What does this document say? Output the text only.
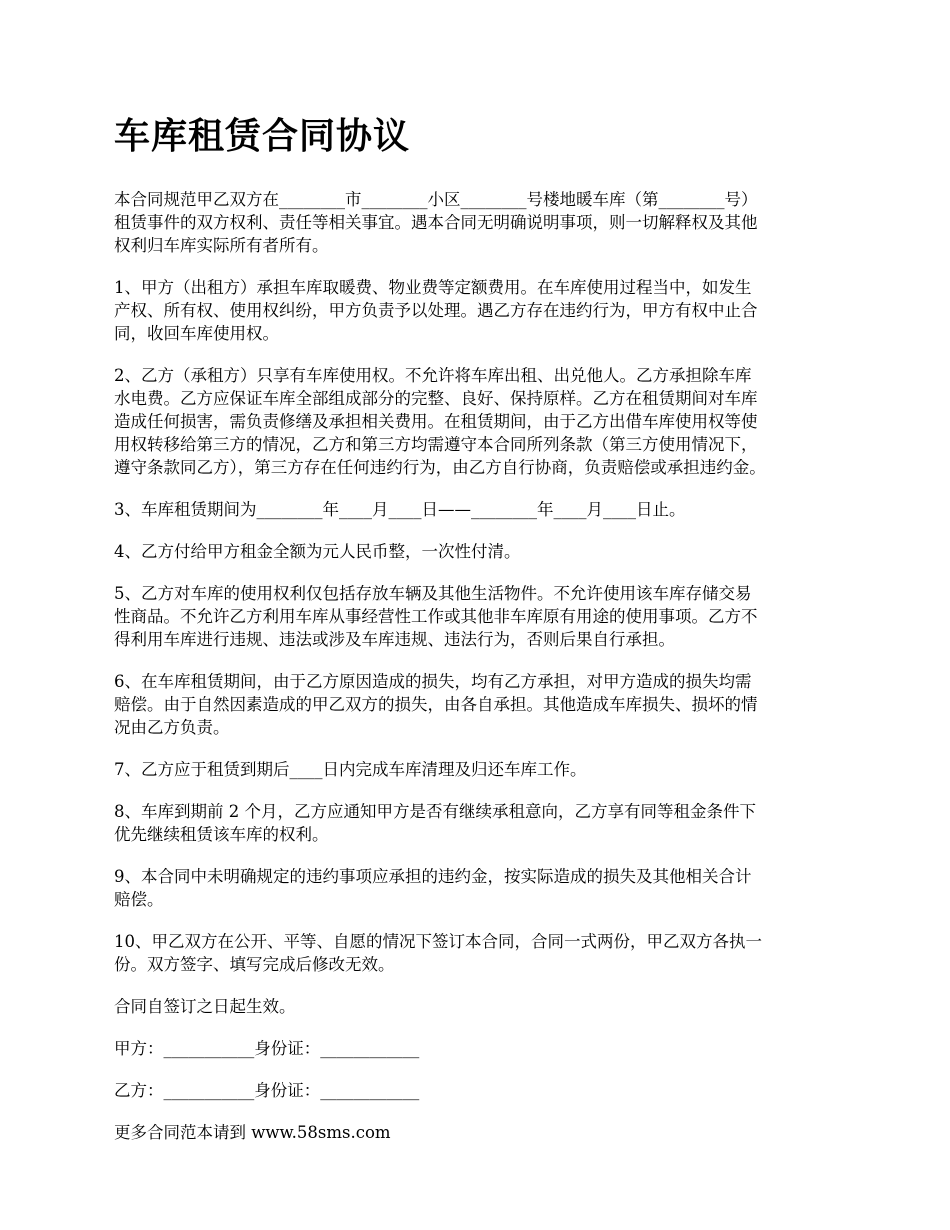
车库租赁合同协议

本合同规范甲乙双方在________市________小区________号楼地暖车库（第________号）
租赁事件的双方权利、责任等相关事宜。遇本合同无明确说明事项，则一切解释权及其他
权利归车库实际所有者所有。

1、甲方（出租方）承担车库取暖费、物业费等定额费用。在车库使用过程当中，如发生
产权、所有权、使用权纠纷，甲方负责予以处理。遇乙方存在违约行为，甲方有权中止合
同，收回车库使用权。

2、乙方（承租方）只享有车库使用权。不允许将车库出租、出兑他人。乙方承担除车库
水电费。乙方应保证车库全部组成部分的完整、良好、保持原样。乙方在租赁期间对车库
造成任何损害，需负责修缮及承担相关费用。在租赁期间，由于乙方出借车库使用权等使
用权转移给第三方的情况，乙方和第三方均需遵守本合同所列条款（第三方使用情况下，
遵守条款同乙方），第三方存在任何违约行为，由乙方自行协商，负责赔偿或承担违约金。

3、车库租赁期间为________年____月____日——________年____月____日止。

4、乙方付给甲方租金全额为元人民币整，一次性付清。

5、乙方对车库的使用权利仅包括存放车辆及其他生活物件。不允许使用该车库存储交易
性商品。不允许乙方利用车库从事经营性工作或其他非车库原有用途的使用事项。乙方不
得利用车库进行违规、违法或涉及车库违规、违法行为，否则后果自行承担。

6、在车库租赁期间，由于乙方原因造成的损失，均有乙方承担，对甲方造成的损失均需
赔偿。由于自然因素造成的甲乙双方的损失，由各自承担。其他造成车库损失、损坏的情
况由乙方负责。

7、乙方应于租赁到期后____日内完成车库清理及归还车库工作。

8、车库到期前 2 个月，乙方应通知甲方是否有继续承租意向，乙方享有同等租金条件下
优先继续租赁该车库的权利。

9、本合同中未明确规定的违约事项应承担的违约金，按实际造成的损失及其他相关合计
赔偿。

10、甲乙双方在公开、平等、自愿的情况下签订本合同，合同一式两份，甲乙双方各执一
份。双方签字、填写完成后修改无效。

合同自签订之日起生效。

甲方：___________身份证：____________

乙方：___________身份证：____________

更多合同范本请到 www.58sms.com
